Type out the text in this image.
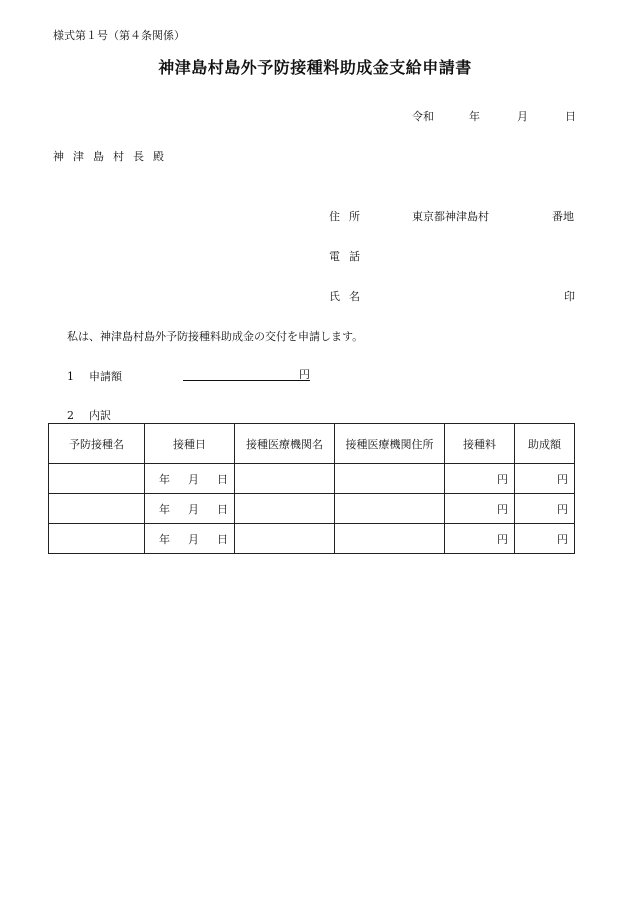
様式第１号（第４条関係）
神津島村島外予防接種料助成金支給申請書
令和	年	月	日
神津島村長殿
住所	東京都神津島村	番地
電話
氏名	印
私は、神津島村島外予防接種料助成金の交付を申請します。
1 申請額	円
2 内訳
予防接種名	接種日	接種医療機関名	接種医療機関住所	接種料	助成額

	年 月 日			円	円

	年 月 日			円	円

	年 月 日			円	円
